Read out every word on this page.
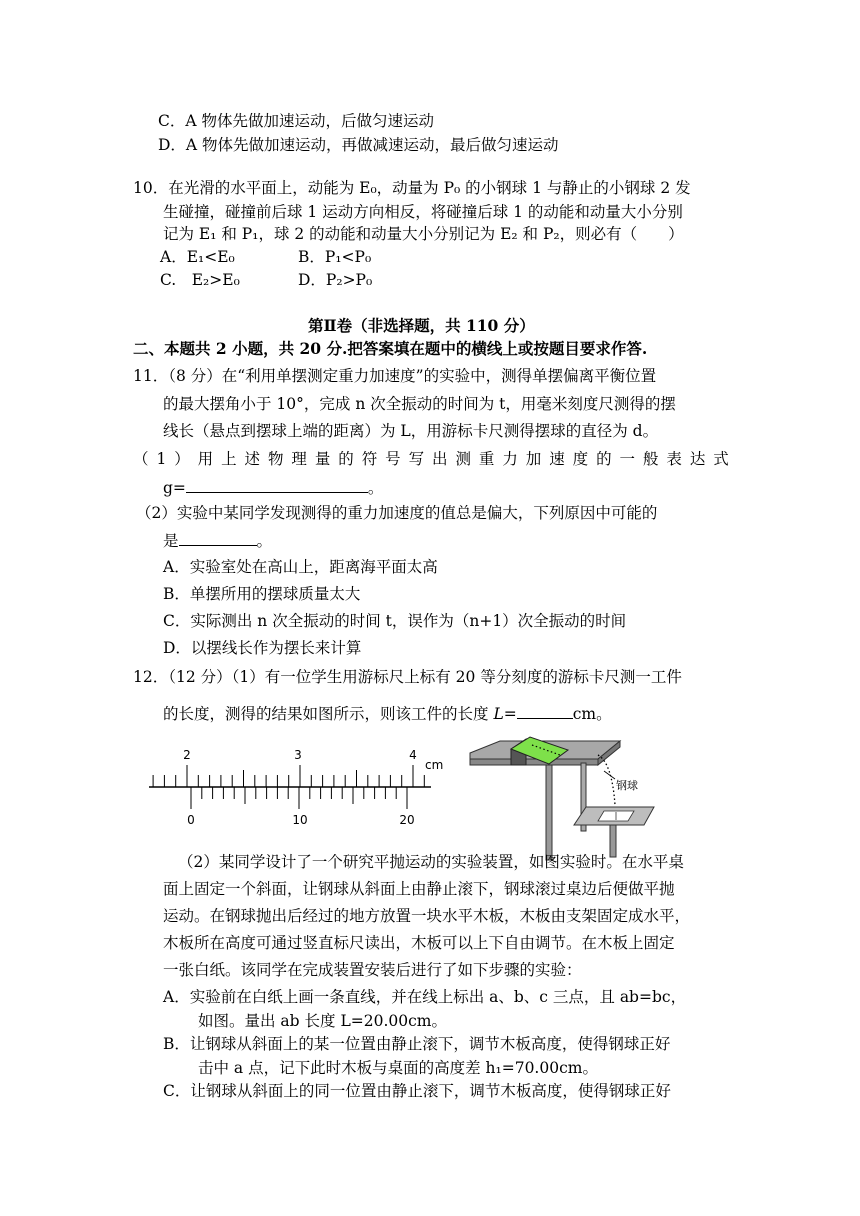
C．A 物体先做加速运动，后做匀速运动
D．A 物体先做加速运动，再做减速运动，最后做匀速运动
10．在光滑的水平面上，动能为 E₀，动量为 P₀ 的小钢球 1 与静止的小钢球 2 发
生碰撞，碰撞前后球 1 运动方向相反，将碰撞后球 1 的动能和动量大小分别
记为 E₁ 和 P₁，球 2 的动能和动量大小分别记为 E₂ 和 P₂，则必有（　　）
A．E₁<E₀	B．P₁<P₀
C.　E₂>E₀	D．P₂>P₀
第Ⅱ卷（非选择题，共 110 分）
二、本题共 2 小题，共 20 分.把答案填在题中的横线上或按题目要求作答.
11．（8 分）在“利用单摆测定重力加速度”的实验中，测得单摆偏离平衡位置
的最大摆角小于 10°，完成 n 次全振动的时间为 t，用毫米刻度尺测得的摆
线长（悬点到摆球上端的距离）为 L，用游标卡尺测得摆球的直径为 d。
（ 1 ） 用 上 述 物 理 量 的 符 号 写 出 测 重 力 加 速 度 的 一 般 表 达 式
g=	。
（2）实验中某同学发现测得的重力加速度的值总是偏大，下列原因中可能的
是	。
A．实验室处在高山上，距离海平面太高
B．单摆所用的摆球质量太大
C．实际测出 n 次全振动的时间 t，误作为（n+1）次全振动的时间
D．以摆线长作为摆长来计算
12．（12 分）（1）有一位学生用游标尺上标有 20 等分刻度的游标卡尺测一工件
的长度，测得的结果如图所示，则该工件的长度 L=	cm。
2	3	4
cm
0	10	20
钢球
（2）某同学设计了一个研究平抛运动的实验装置，如图实验时。在水平桌
面上固定一个斜面，让钢球从斜面上由静止滚下，钢球滚过桌边后便做平抛
运动。在钢球抛出后经过的地方放置一块水平木板，木板由支架固定成水平，
木板所在高度可通过竖直标尺读出，木板可以上下自由调节。在木板上固定
一张白纸。该同学在完成装置安装后进行了如下步骤的实验：
A．实验前在白纸上画一条直线，并在线上标出 a、b、c 三点，且 ab=bc，
如图。量出 ab 长度 L=20.00cm。
B．让钢球从斜面上的某一位置由静止滚下，调节木板高度，使得钢球正好
击中 a 点，记下此时木板与桌面的高度差 h₁=70.00cm。
C．让钢球从斜面上的同一位置由静止滚下，调节木板高度，使得钢球正好
